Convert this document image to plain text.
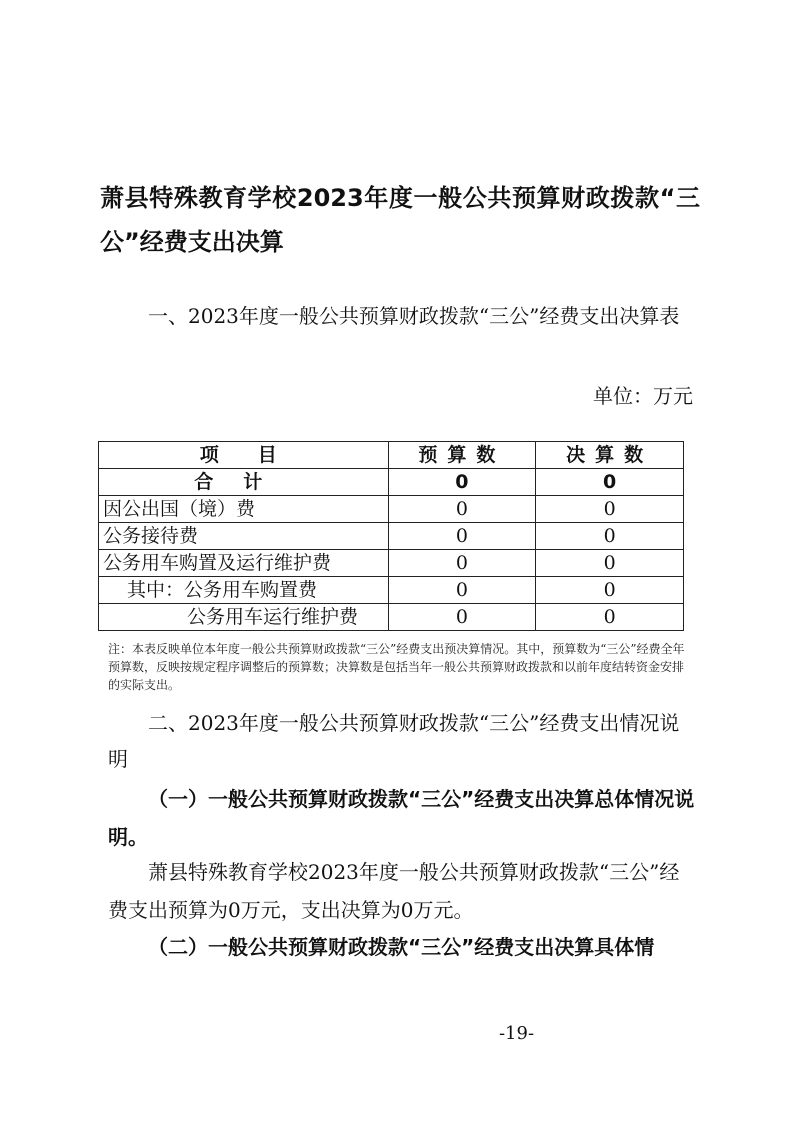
萧县特殊教育学校2023年度一般公共预算财政拨款“三公”经费支出决算
一、2023年度一般公共预算财政拨款“三公”经费支出决算表
单位：万元
项　目	预算数	决算数
合计	0	0
因公出国（境）费	0	0
公务接待费	0	0
公务用车购置及运行维护费	0	0
其中：公务用车购置费	0	0
公务用车运行维护费	0	0
注：本表反映单位本年度一般公共预算财政拨款“三公”经费支出预决算情况。其中，预算数为“三公”经费全年预算数，反映按规定程序调整后的预算数；决算数是包括当年一般公共预算财政拨款和以前年度结转资金安排的实际支出。
二、2023年度一般公共预算财政拨款“三公”经费支出情况说明
（一）一般公共预算财政拨款“三公”经费支出决算总体情况说明。
萧县特殊教育学校2023年度一般公共预算财政拨款“三公”经费支出预算为0万元，支出决算为0万元。
（二）一般公共预算财政拨款“三公”经费支出决算具体情
-19-
